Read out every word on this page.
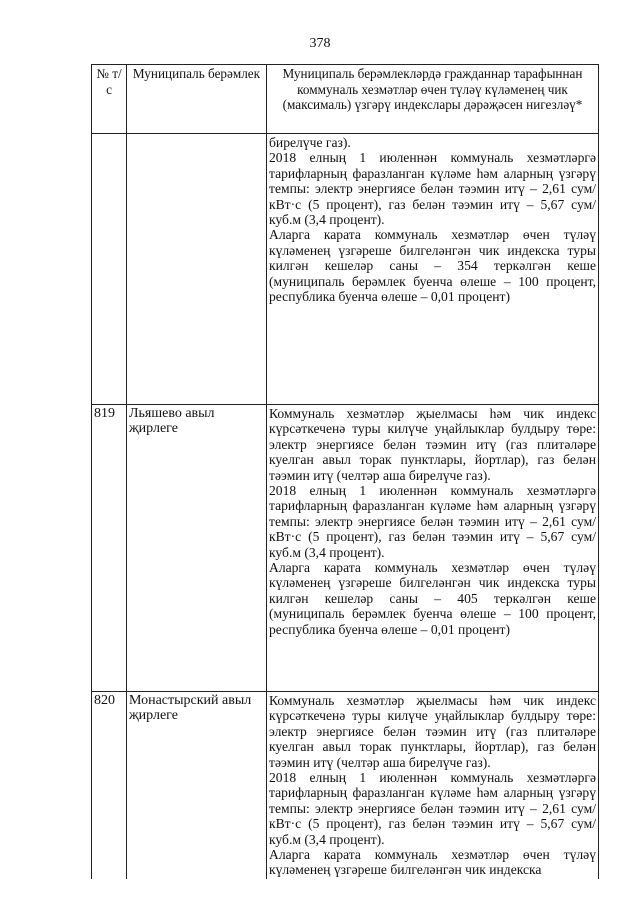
378
№ т/с	Муниципаль берәмлек	Муниципаль берәмлекләрдә гражданнар тарафыннан коммуналь хезмәтләр өчен түләү күләменең чик (максималь) үзгәрү индекслары дәрәҗәсен нигезләү*

		бирелүче газ).

2018 елның 1 июленнән коммуналь хезмәтләргә тарифларның фаразланган күләме һәм аларның үзгәрү темпы: электр энергиясе белән тәэмин итү – 2,61 сум/кВт·с (5 процент), газ белән тәэмин итү – 5,67 сум/куб.м (3,4 процент).

Аларга карата коммуналь хезмәтләр өчен түләү күләменең үзгәреше билгеләнгән чик индекска туры килгән кешеләр саны – 354 теркәлгән кеше (муниципаль берәмлек буенча өлеше – 100 процент, республика буенча өлеше – 0,01 процент)

819	Льяшево авыл җирлеге	Коммуналь хезмәтләр җыелмасы һәм чик индекс күрсәткеченә туры килүче уңайлыклар булдыру төре: электр энергиясе белән тәэмин итү (газ плитәләре куелган авыл торак пунктлары, йортлар), газ белән тәэмин итү (челтәр аша бирелүче газ).

2018 елның 1 июленнән коммуналь хезмәтләргә тарифларның фаразланган күләме һәм аларның үзгәрү темпы: электр энергиясе белән тәэмин итү – 2,61 сум/кВт·с (5 процент), газ белән тәэмин итү – 5,67 сум/куб.м (3,4 процент).

Аларга карата коммуналь хезмәтләр өчен түләү күләменең үзгәреше билгеләнгән чик индекска туры килгән кешеләр саны – 405 теркәлгән кеше (муниципаль берәмлек буенча өлеше – 100 процент, республика буенча өлеше – 0,01 процент)

820	Монастырский авыл җирлеге	Коммуналь хезмәтләр җыелмасы һәм чик индекс күрсәткеченә туры килүче уңайлыклар булдыру төре: электр энергиясе белән тәэмин итү (газ плитәләре куелган авыл торак пунктлары, йортлар), газ белән тәэмин итү (челтәр аша бирелүче газ).

2018 елның 1 июленнән коммуналь хезмәтләргә тарифларның фаразланган күләме һәм аларның үзгәрү темпы: электр энергиясе белән тәэмин итү – 2,61 сум/кВт·с (5 процент), газ белән тәэмин итү – 5,67 сум/куб.м (3,4 процент).

Аларга карата коммуналь хезмәтләр өчен түләү күләменең үзгәреше билгеләнгән чик индекска
